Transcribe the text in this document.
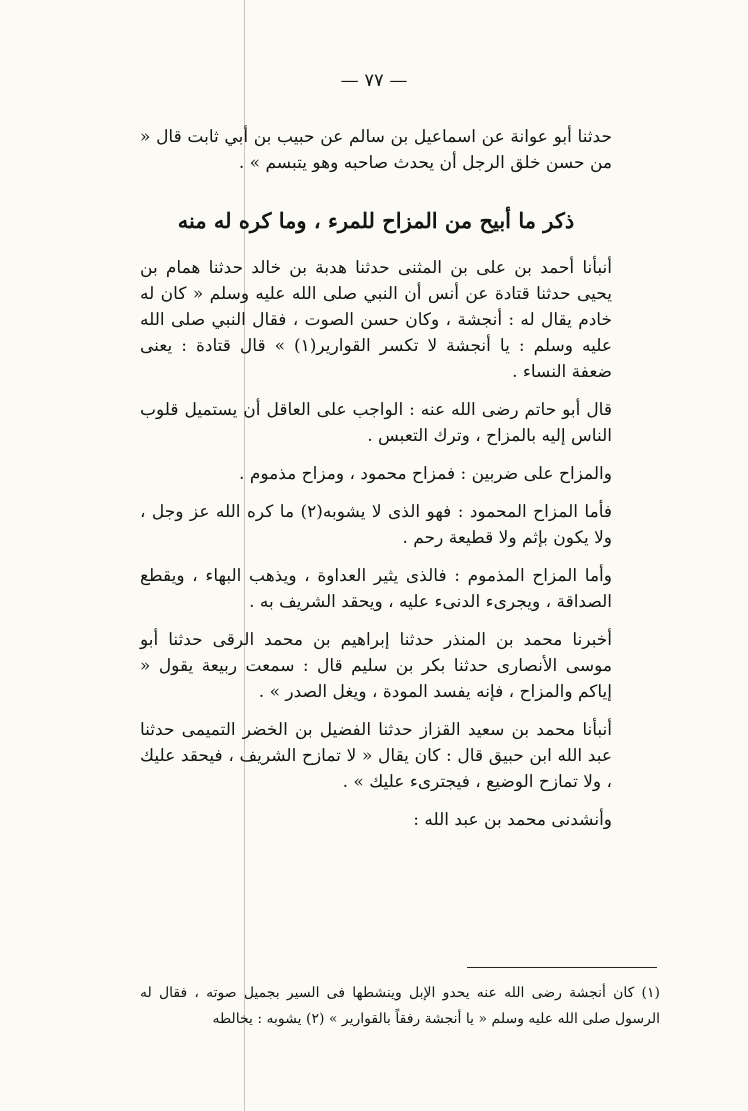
— ٧٧ —

حدثنا أبو عوانة عن اسماعيل بن سالم عن حبيب بن أبي ثابت قال « من حسن خلق الرجل أن يحدث صاحبه وهو يتبسم » .

ذكر ما أبيح من المزاح للمرء ، وما كره له منه

أنبأنا أحمد بن على بن المثنى حدثنا هدبة بن خالد حدثنا همام بن يحيى حدثنا قتادة عن أنس أن النبي صلى الله عليه وسلم « كان له خادم يقال له : أنجشة ، وكان حسن الصوت ، فقال النبي صلى الله عليه وسلم : يا أنجشة لا تكسر القوارير(١) » قال قتادة : يعنى ضعفة النساء .

قال أبو حاتم رضى الله عنه : الواجب على العاقل أن يستميل قلوب الناس إليه بالمزاح ، وترك التعبس .

والمزاح على ضربين : فمزاح محمود ، ومزاح مذموم .

فأما المزاح المحمود : فهو الذى لا يشوبه(٢) ما كره الله عز وجل ، ولا يكون بإثم ولا قطيعة رحم .

وأما المزاح المذموم : فالذى يثير العداوة ، ويذهب البهاء ، ويقطع الصداقة ، ويجرىء الدنىء عليه ، ويحقد الشريف به .

أخبرنا محمد بن المنذر حدثنا إبراهيم بن محمد الرقى حدثنا أبو موسى الأنصارى حدثنا بكر بن سليم قال : سمعت ربيعة يقول « إياكم والمزاح ، فإنه يفسد المودة ، ويغل الصدر » .

أنبأنا محمد بن سعيد القزاز حدثنا الفضيل بن الخضر التميمى حدثنا عبد الله ابن حبيق قال : كان يقال « لا تمازح الشريف ، فيحقد عليك ، ولا تمازح الوضيع ، فيجترىء عليك » .

وأنشدنى محمد بن عبد الله :

(١) كان أنجشة رضى الله عنه يحدو الإبل وينشطها فى السير بجميل صوته ، فقال له الرسول صلى الله عليه وسلم « يا أنجشة رفقاً بالقوارير » (٢) يشوبه : يخالطه
